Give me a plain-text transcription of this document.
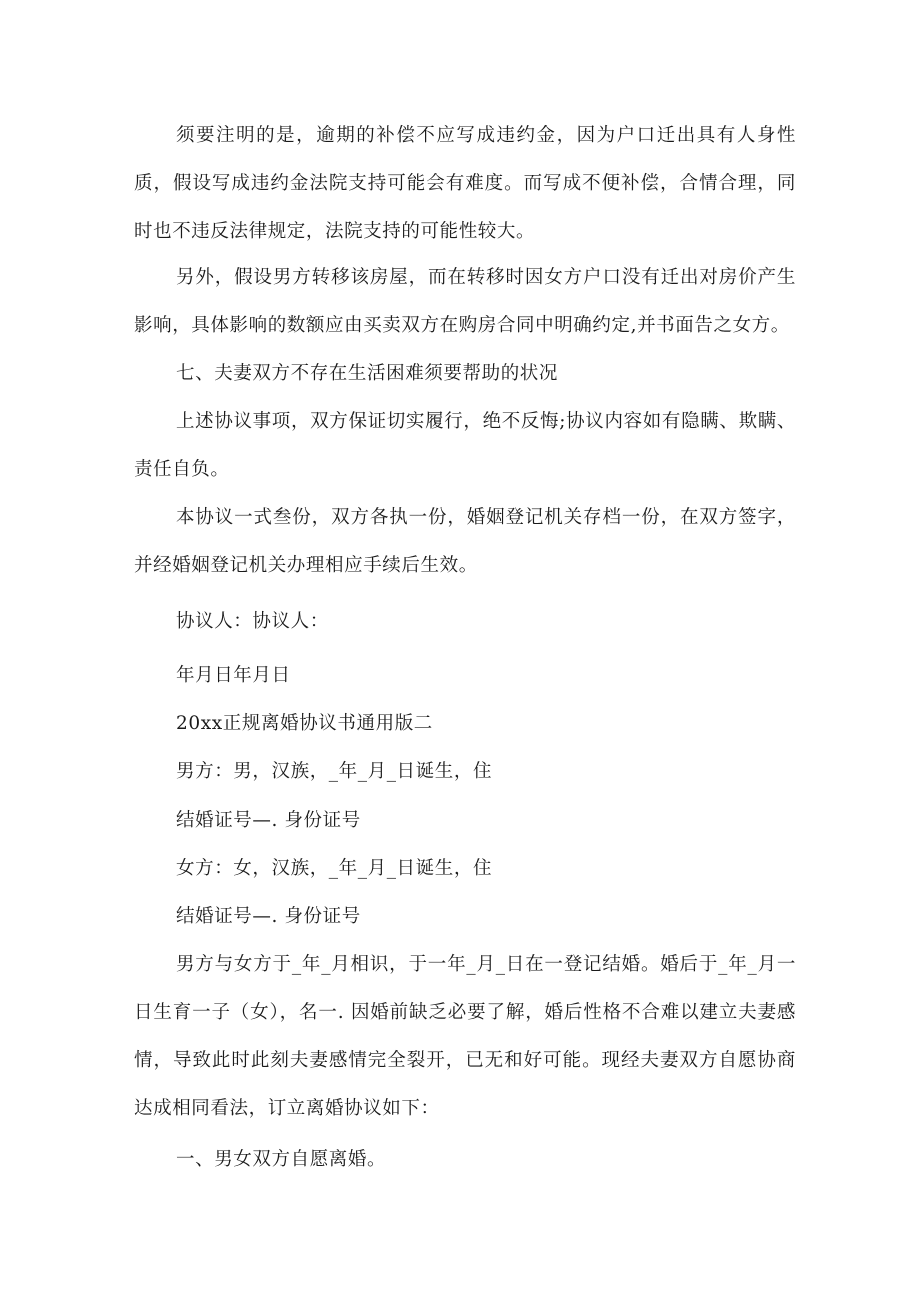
须要注明的是，逾期的补偿不应写成违约金，因为户口迁出具有人身性质，假设写成违约金法院支持可能会有难度。而写成不便补偿，合情合理，同时也不违反法律规定，法院支持的可能性较大。

另外，假设男方转移该房屋，而在转移时因女方户口没有迁出对房价产生影响，具体影响的数额应由买卖双方在购房合同中明确约定,并书面告之女方。

七、夫妻双方不存在生活困难须要帮助的状况

上述协议事项，双方保证切实履行，绝不反悔;协议内容如有隐瞒、欺瞒、责任自负。

本协议一式叁份，双方各执一份，婚姻登记机关存档一份，在双方签字，并经婚姻登记机关办理相应手续后生效。

协议人：协议人：

年月日年月日

20xx正规离婚协议书通用版二

男方：男，汉族，_年_月_日诞生，住

结婚证号—. 身份证号

女方：女，汉族，_年_月_日诞生，住

结婚证号—. 身份证号

男方与女方于_年_月相识，于一年_月_日在一登记结婚。婚后于_年_月一日生育一子（女），名一. 因婚前缺乏必要了解，婚后性格不合难以建立夫妻感情，导致此时此刻夫妻感情完全裂开，已无和好可能。现经夫妻双方自愿协商达成相同看法，订立离婚协议如下：

一、男女双方自愿离婚。
